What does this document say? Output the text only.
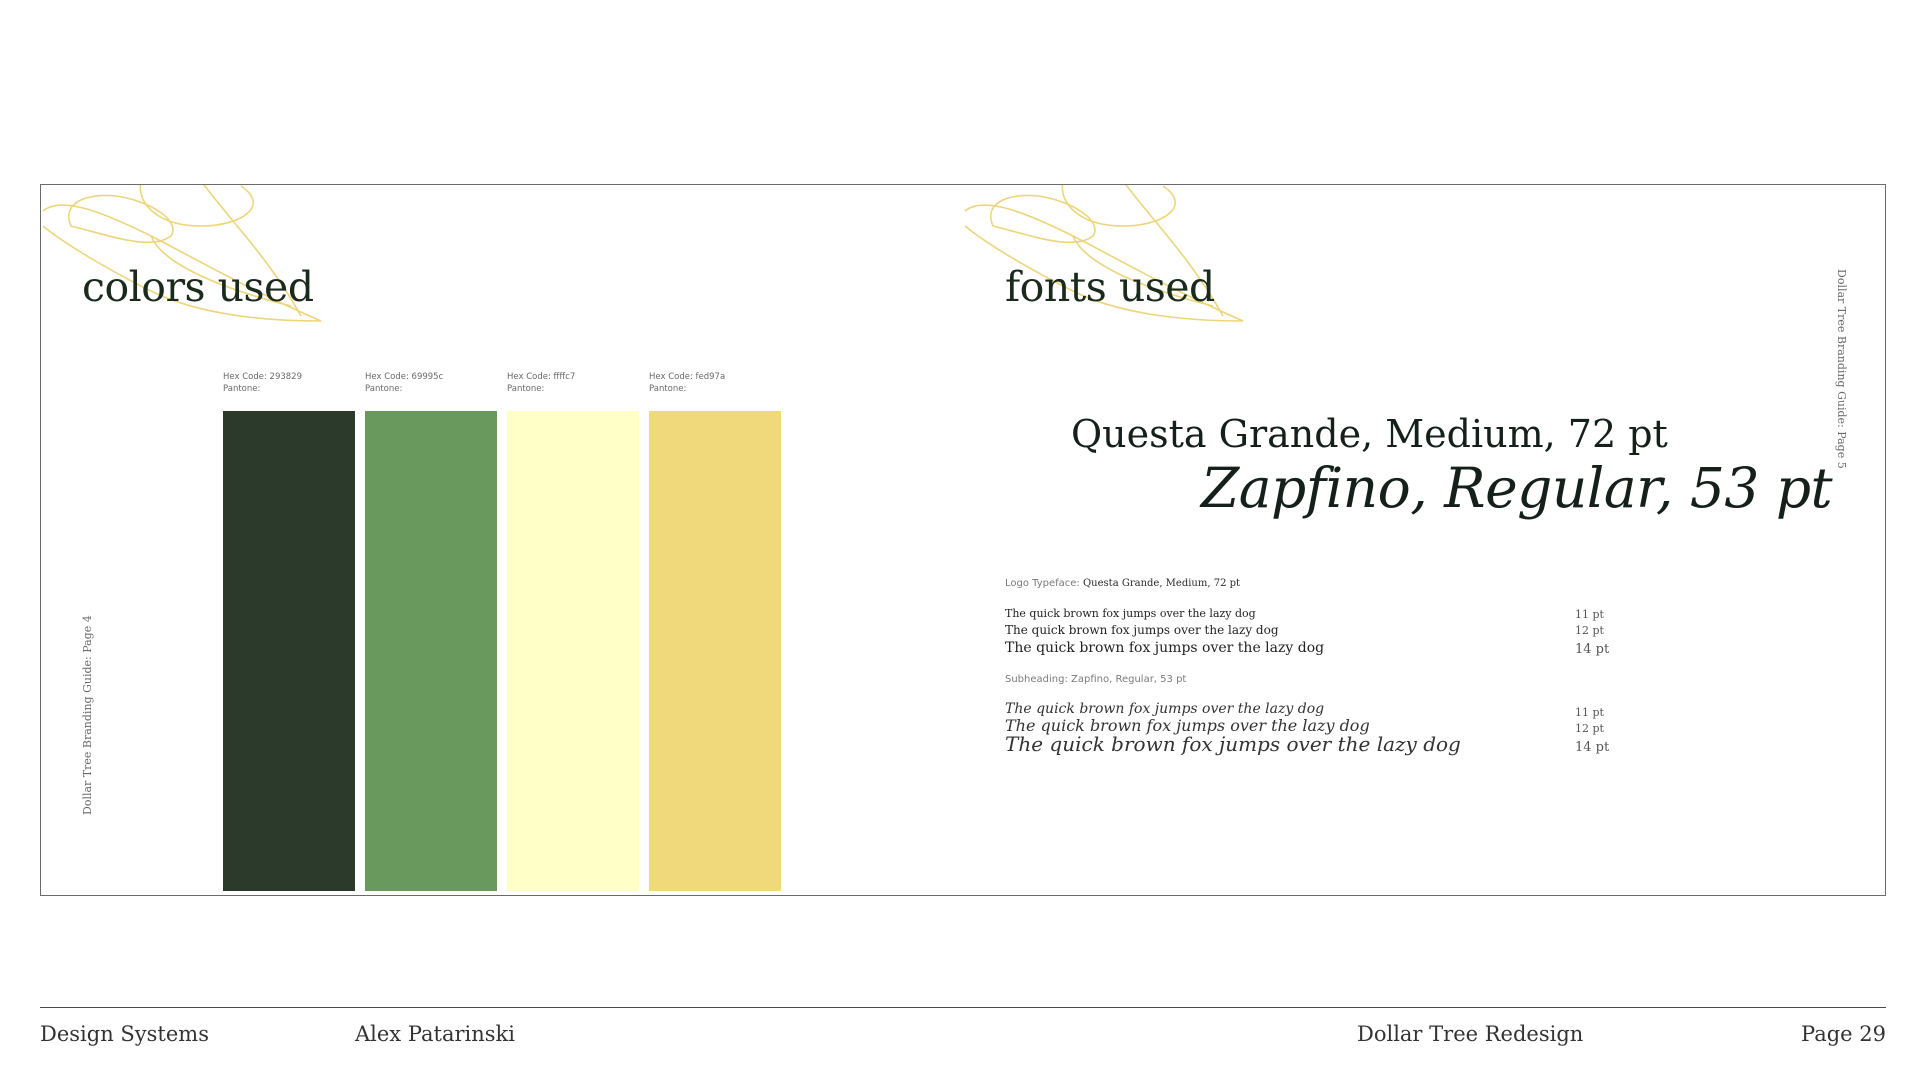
colors used
Dollar Tree Branding Guide: Page 4
Hex Code: 293829
Pantone:
Hex Code: 69995c
Pantone:
Hex Code: ffffc7
Pantone:
Hex Code: fed97a
Pantone:
fonts used	Dollar Tree Branding Guide: Page 5
Questa Grande, Medium, 72 pt
Zapfino, Regular, 53 pt
Logo Typeface: Questa Grande, Medium, 72 pt
The quick brown fox jumps over the lazy dog	11 pt
The quick brown fox jumps over the lazy dog	12 pt
The quick brown fox jumps over the lazy dog	14 pt
Subheading: Zapfino, Regular, 53 pt
The quick brown fox jumps over the lazy dog	11 pt
The quick brown fox jumps over the lazy dog	12 pt
The quick brown fox jumps over the lazy dog	14 pt
Design Systems	Alex Patarinski	Dollar Tree Redesign	Page 29
